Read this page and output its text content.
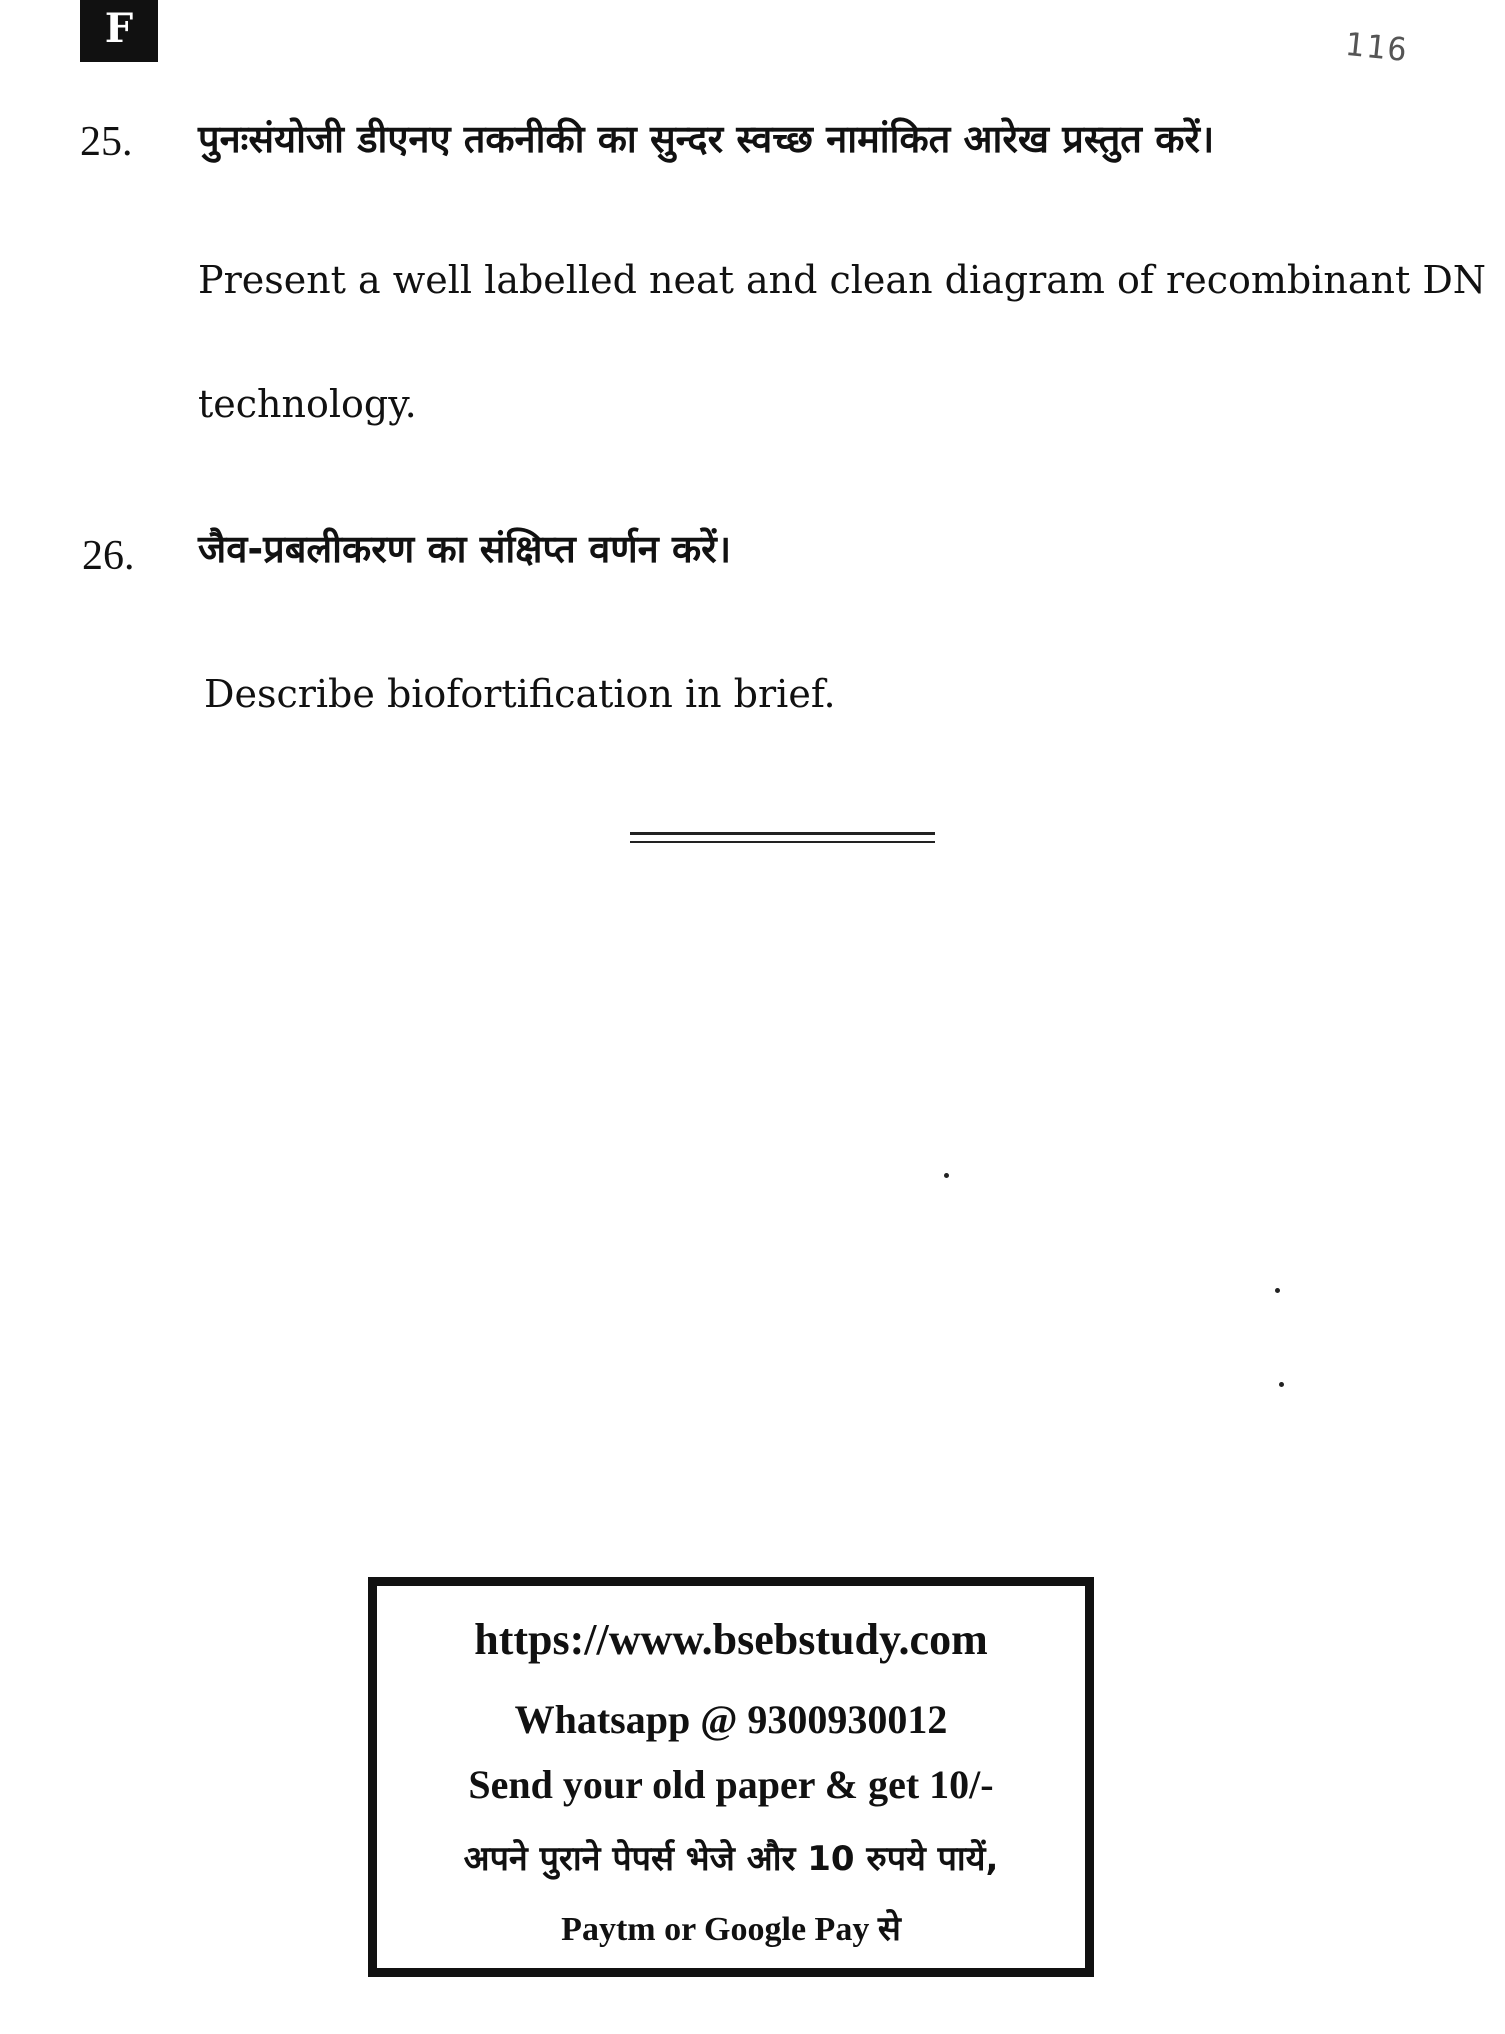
F	116
25. पुनःसंयोजी डीएनए तकनीकी का सुन्दर स्वच्छ नामांकित आरेख प्रस्तुत करें।
Present a well labelled neat and clean diagram of recombinant DN
technology.
26. जैव-प्रबलीकरण का संक्षिप्त वर्णन करें।
Describe biofortification in brief.
https://www.bsebstudy.com
Whatsapp @ 9300930012
Send your old paper & get 10/-
अपने पुराने पेपर्स भेजे और 10 रुपये पायें,
Paytm or Google Pay से
